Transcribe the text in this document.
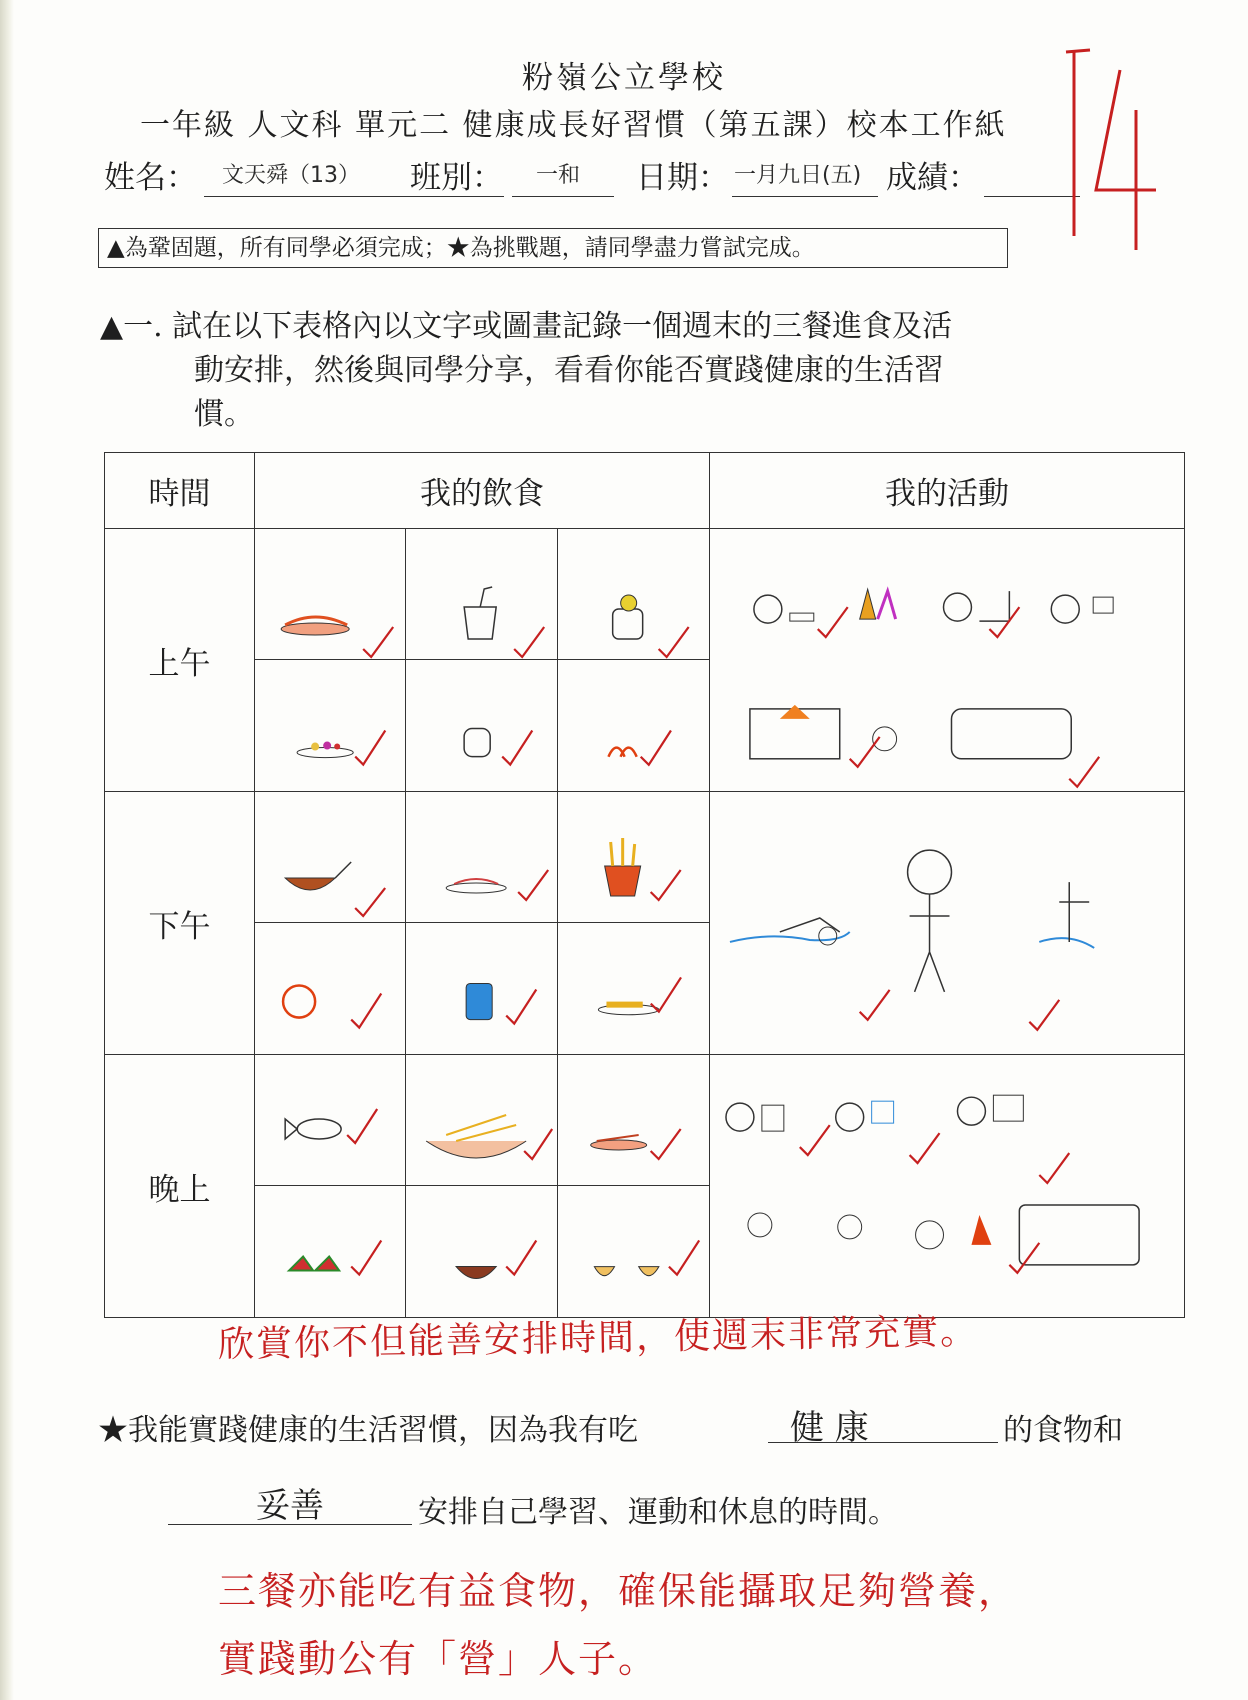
粉嶺公立學校
一年級 人文科 單元二 健康成長好習慣（第五課）校本工作紙
姓名： 文天舜（13） 班別： 一和 日期： 一月九日(五) 成績：
▲為鞏固題，所有同學必須完成；★為挑戰題，請同學盡力嘗試完成。
▲一. 試在以下表格內以文字或圖畫記錄一個週末的三餐進食及活
動安排，然後與同學分享，看看你能否實踐健康的生活習
慣。
時間	我的飲食	我的活動
上午	

下午	

晚上	

欣賞你不但能善安排時間，使週末非常充實。
★我能實踐健康的生活習慣，因為我有吃	健 康	的食物和
妥善	安排自己學習、運動和休息的時間。
三餐亦能吃有益食物，確保能攝取足夠營養，
實踐動公有「營」人子。
